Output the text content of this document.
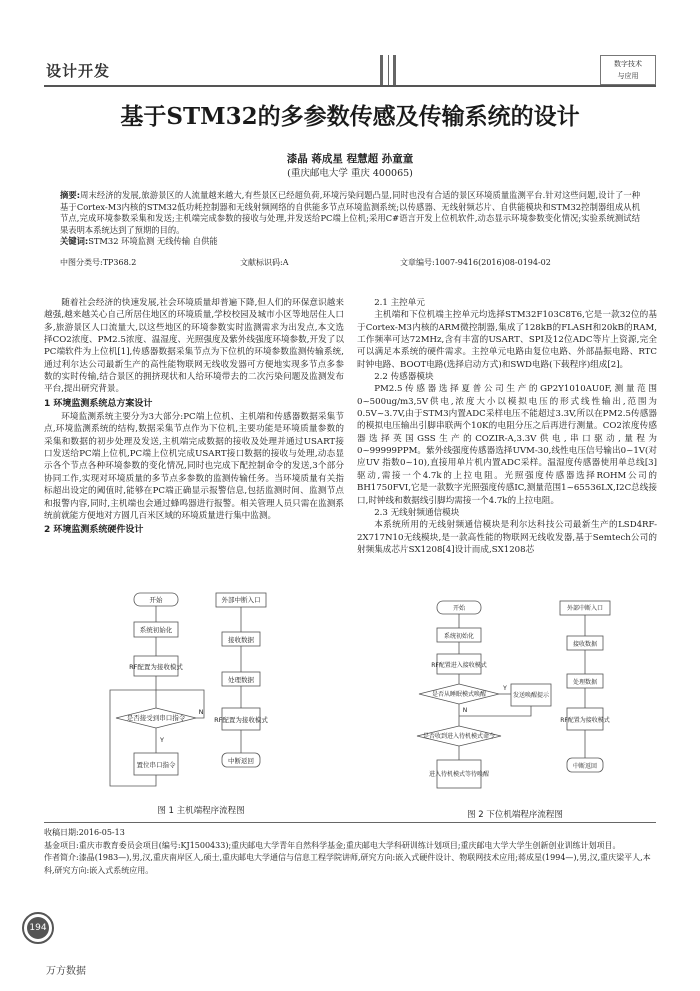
设计开发	数字技术
与应用
基于STM32的多参数传感及传输系统的设计
漆晶 蒋成星 程慧超 孙童童
(重庆邮电大学 重庆 400065)
摘要:周末经济的发展,旅游景区的人流量越来越大,有些景区已经超负荷,环境污染问题凸显,同时也没有合适的景区环境质量监测平台.针对这些问题,设计了一种基于Cortex-M3内核的STM32低功耗控制器和无线射频网络的自供能多节点环境监测系统;以传感器、无线射频芯片、自供能模块和STM32控制器组成从机节点,完成环境参数采集和发送;主机端完成参数的接收与处理,并发送给PC端上位机;采用C#语言开发上位机软件,动态显示环境参数变化情况;实验系统测试结果表明本系统达到了预期的目的。
关键词:STM32 环境监测 无线传输 自供能
中图分类号:TP368.2	文献标识码:A	文章编号:1007-9416(2016)08-0194-02

随着社会经济的快速发展,社会环境质量却普遍下降,但人们的环保意识越来越强,越来越关心自己所居住地区的环境质量,学校校园及城市小区等地居住人口多,旅游景区人口流量大,以这些地区的环境参数实时监测需求为出发点,本文选择CO2浓度、PM2.5浓度、温湿度、光照强度及紫外线强度环境参数,开发了以PC端软件为上位机[1],传感器数据采集节点为下位机的环境参数监测传输系统,通过利尔达公司最新生产的高性能物联网无线收发器可方便地实现多节点多参数的实时传输,结合景区的拥挤现状和人给环境带去的二次污染问题及监测发布平台,提出研究背景。

1 环境监测系统总方案设计

环境监测系统主要分为3大部分:PC端上位机、主机端和传感器数据采集节点,环境监测系统的结构,数据采集节点作为下位机,主要功能是环境质量参数的采集和数据的初步处理及发送,主机端完成数据的接收及处理并通过USART接口发送给PC端上位机,PC端上位机完成USART接口数据的接收与处理,动态显示各个节点各种环境参数的变化情况,同时也完成下配控制命令的发送,3个部分协同工作,实现对环境质量的多节点多参数的监测传输任务。当环境质量有关指标超出设定的阈值时,能够在PC端正确显示报警信息,包括监测时间、监测节点和报警内容,同时,主机端也会通过蜂鸣器进行报警。相关管理人员只需在监测系统前就能方便地对方圆几百米区域的环境质量进行集中监测。

2 环境监测系统硬件设计
2.1 主控单元

主机端和下位机端主控单元均选择STM32F103C8T6,它是一款32位的基于Cortex-M3内核的ARM微控制器,集成了128kB的FLASH和20kB的RAM,工作频率可达72MHz,含有丰富的USART、SPI及12位ADC等片上资源,完全可以满足本系统的硬件需求。主控单元电路由复位电路、外部晶振电路、RTC时钟电路、BOOT电路(选择启动方式)和SWD电路(下载程序)组成[2]。

2.2 传感器模块

PM2.5传感器选择夏普公司生产的GP2Y1010AU0F,测量范围0~500ug/m3,5V供电,浓度大小以模拟电压的形式线性输出,范围为0.5V~3.7V,由于STM3内置ADC采样电压不能超过3.3V,所以在PM2.5传感器的模拟电压输出引脚串联两个10K的电阻分压之后再进行测量。CO2浓度传感器选择英国GSS生产的COZIR-A,3.3V供电,串口驱动,量程为0~99999PPM。紫外线强度传感器选择UVM-30,线性电压信号输出0~1V(对应UV 指数0~10),直接用单片机内置ADC采样。温湿度传感器使用单总线[3]驱动,需接一个4.7k的上拉电阻。光照强度传感器选择ROHM公司的BH1750FVI,它是一款数字光照强度传感IC,测量范围1~65536LX,I2C总线接口,时钟线和数据线引脚均需接一个4.7k的上拉电阻。

2.3 无线射频通信模块

本系统所用的无线射频通信模块是利尔达科技公司最新生产的LSD4RF-2X717N10无线模块,是一款高性能的物联网无线收发器,基于Semtech公司的射频集成芯片SX1208[4]设计而成,SX1208芯

开始
系统初始化
RF配置为接收模式
是否接受到串口指令
Y
N
置位串口指令
外部中断入口
接收数据
处理数据
RF配置为接收模式
中断返回
图 1 主机端程序流程图
开始
系统初始化
RF配置进入接收模式
是否从睡眠模式唤醒
Y
N
发送唤醒提示
是否收到进入待机模式命令
进入待机模式等待唤醒
外部中断入口
接收数据
处理数据
RF配置为接收模式
中断返回
图 2 下位机端程序流程图
收稿日期:2016-05-13
基金项目:重庆市教育委员会项目(编号:KJ1500433);重庆邮电大学青年自然科学基金;重庆邮电大学科研训练计划项目;重庆邮电大学大学生创新创业训练计划项目。
作者简介:漆晶(1983—),男,汉,重庆南岸区人,硕士,重庆邮电大学通信与信息工程学院讲师,研究方向:嵌入式硬件设计、物联网技术应用;蒋成星(1994—),男,汉,重庆梁平人,本科,研究方向:嵌入式系统应用。
194
万方数据
